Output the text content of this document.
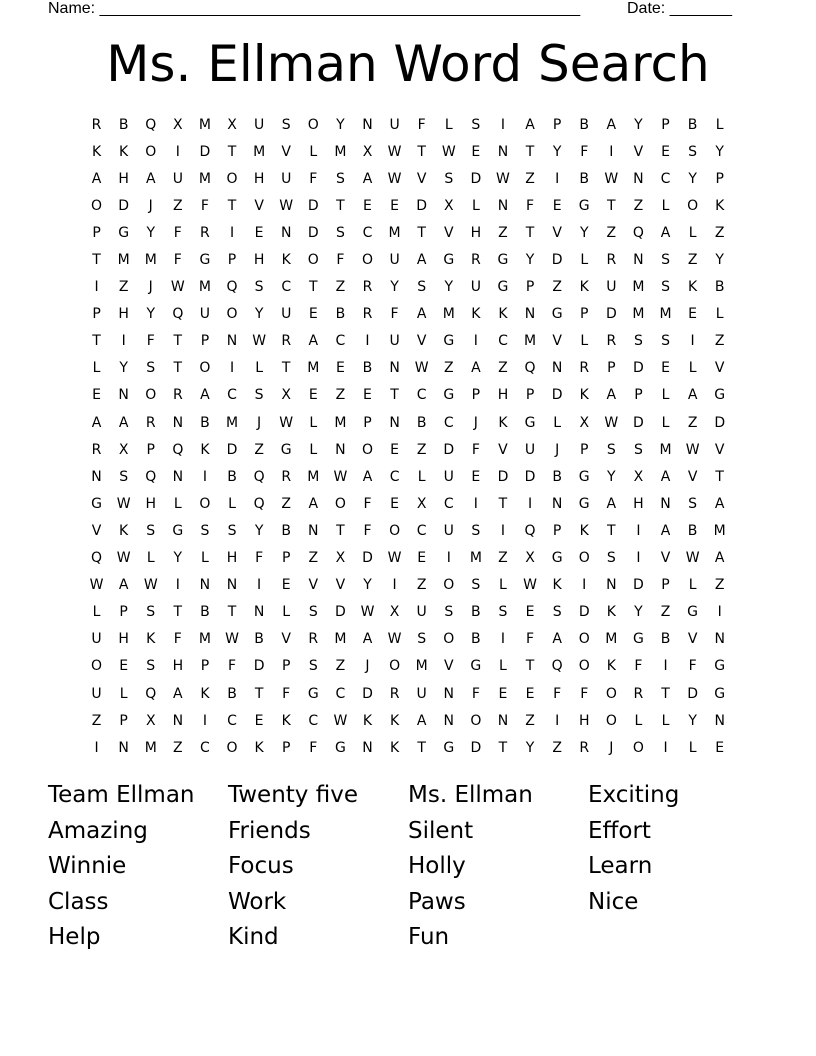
Name: ______________________________________________________	Date: _______
Ms. Ellman Word Search
R	B	Q	X	M	X	U	S	O	Y	N	U	F	L	S	I	A	P	B	A	Y	P	B	L
K	K	O	I	D	T	M	V	L	M	X	W	T	W	E	N	T	Y	F	I	V	E	S	Y
A	H	A	U	M	O	H	U	F	S	A	W	V	S	D	W	Z	I	B	W	N	C	Y	P
O	D	J	Z	F	T	V	W	D	T	E	E	D	X	L	N	F	E	G	T	Z	L	O	K
P	G	Y	F	R	I	E	N	D	S	C	M	T	V	H	Z	T	V	Y	Z	Q	A	L	Z
T	M	M	F	G	P	H	K	O	F	O	U	A	G	R	G	Y	D	L	R	N	S	Z	Y
I	Z	J	W	M	Q	S	C	T	Z	R	Y	S	Y	U	G	P	Z	K	U	M	S	K	B
P	H	Y	Q	U	O	Y	U	E	B	R	F	A	M	K	K	N	G	P	D	M	M	E	L
T	I	F	T	P	N	W	R	A	C	I	U	V	G	I	C	M	V	L	R	S	S	I	Z
L	Y	S	T	O	I	L	T	M	E	B	N	W	Z	A	Z	Q	N	R	P	D	E	L	V
E	N	O	R	A	C	S	X	E	Z	E	T	C	G	P	H	P	D	K	A	P	L	A	G
A	A	R	N	B	M	J	W	L	M	P	N	B	C	J	K	G	L	X	W	D	L	Z	D
R	X	P	Q	K	D	Z	G	L	N	O	E	Z	D	F	V	U	J	P	S	S	M	W	V
N	S	Q	N	I	B	Q	R	M	W	A	C	L	U	E	D	D	B	G	Y	X	A	V	T
G	W	H	L	O	L	Q	Z	A	O	F	E	X	C	I	T	I	N	G	A	H	N	S	A
V	K	S	G	S	S	Y	B	N	T	F	O	C	U	S	I	Q	P	K	T	I	A	B	M
Q	W	L	Y	L	H	F	P	Z	X	D	W	E	I	M	Z	X	G	O	S	I	V	W	A
W	A	W	I	N	N	I	E	V	V	Y	I	Z	O	S	L	W	K	I	N	D	P	L	Z
L	P	S	T	B	T	N	L	S	D	W	X	U	S	B	S	E	S	D	K	Y	Z	G	I
U	H	K	F	M	W	B	V	R	M	A	W	S	O	B	I	F	A	O	M	G	B	V	N
O	E	S	H	P	F	D	P	S	Z	J	O	M	V	G	L	T	Q	O	K	F	I	F	G
U	L	Q	A	K	B	T	F	G	C	D	R	U	N	F	E	E	F	F	O	R	T	D	G
Z	P	X	N	I	C	E	K	C	W	K	K	A	N	O	N	Z	I	H	O	L	L	Y	N
I	N	M	Z	C	O	K	P	F	G	N	K	T	G	D	T	Y	Z	R	J	O	I	L	E
Team Ellman	Twenty five	Ms. Ellman	Exciting
Amazing	Friends	Silent	Effort
Winnie	Focus	Holly	Learn
Class	Work	Paws	Nice
Help	Kind	Fun
